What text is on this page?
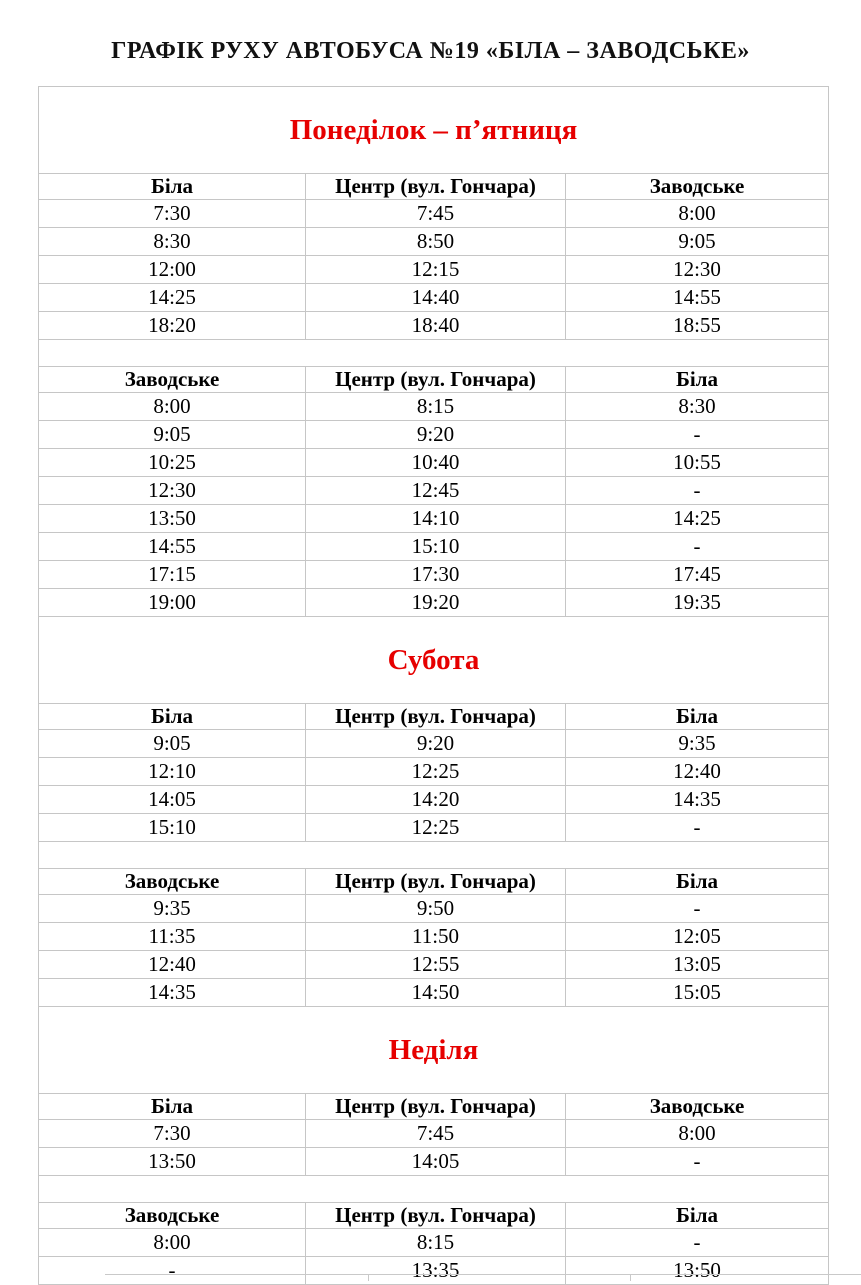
ГРАФІК РУХУ АВТОБУСА №19 «БІЛА – ЗАВОДСЬКЕ»
Понеділок – п’ятниця		
Біла	Центр (вул. Гончара)	Заводське
7:30	7:45	8:00
8:30	8:50	9:05
12:00	12:15	12:30
14:25	14:40	14:55
18:20	18:40	18:55

Заводське	Центр (вул. Гончара)	Біла
8:00	8:15	8:30
9:05	9:20	-
10:25	10:40	10:55
12:30	12:45	-
13:50	14:10	14:25
14:55	15:10	-
17:15	17:30	17:45
19:00	19:20	19:35
Субота		
Біла	Центр (вул. Гончара)	Біла
9:05	9:20	9:35
12:10	12:25	12:40
14:05	14:20	14:35
15:10	12:25	-

Заводське	Центр (вул. Гончара)	Біла
9:35	9:50	-
11:35	11:50	12:05
12:40	12:55	13:05
14:35	14:50	15:05
Неділя		
Біла	Центр (вул. Гончара)	Заводське
7:30	7:45	8:00
13:50	14:05	-

Заводське	Центр (вул. Гончара)	Біла
8:00	8:15	-
-	13:35	13:50
